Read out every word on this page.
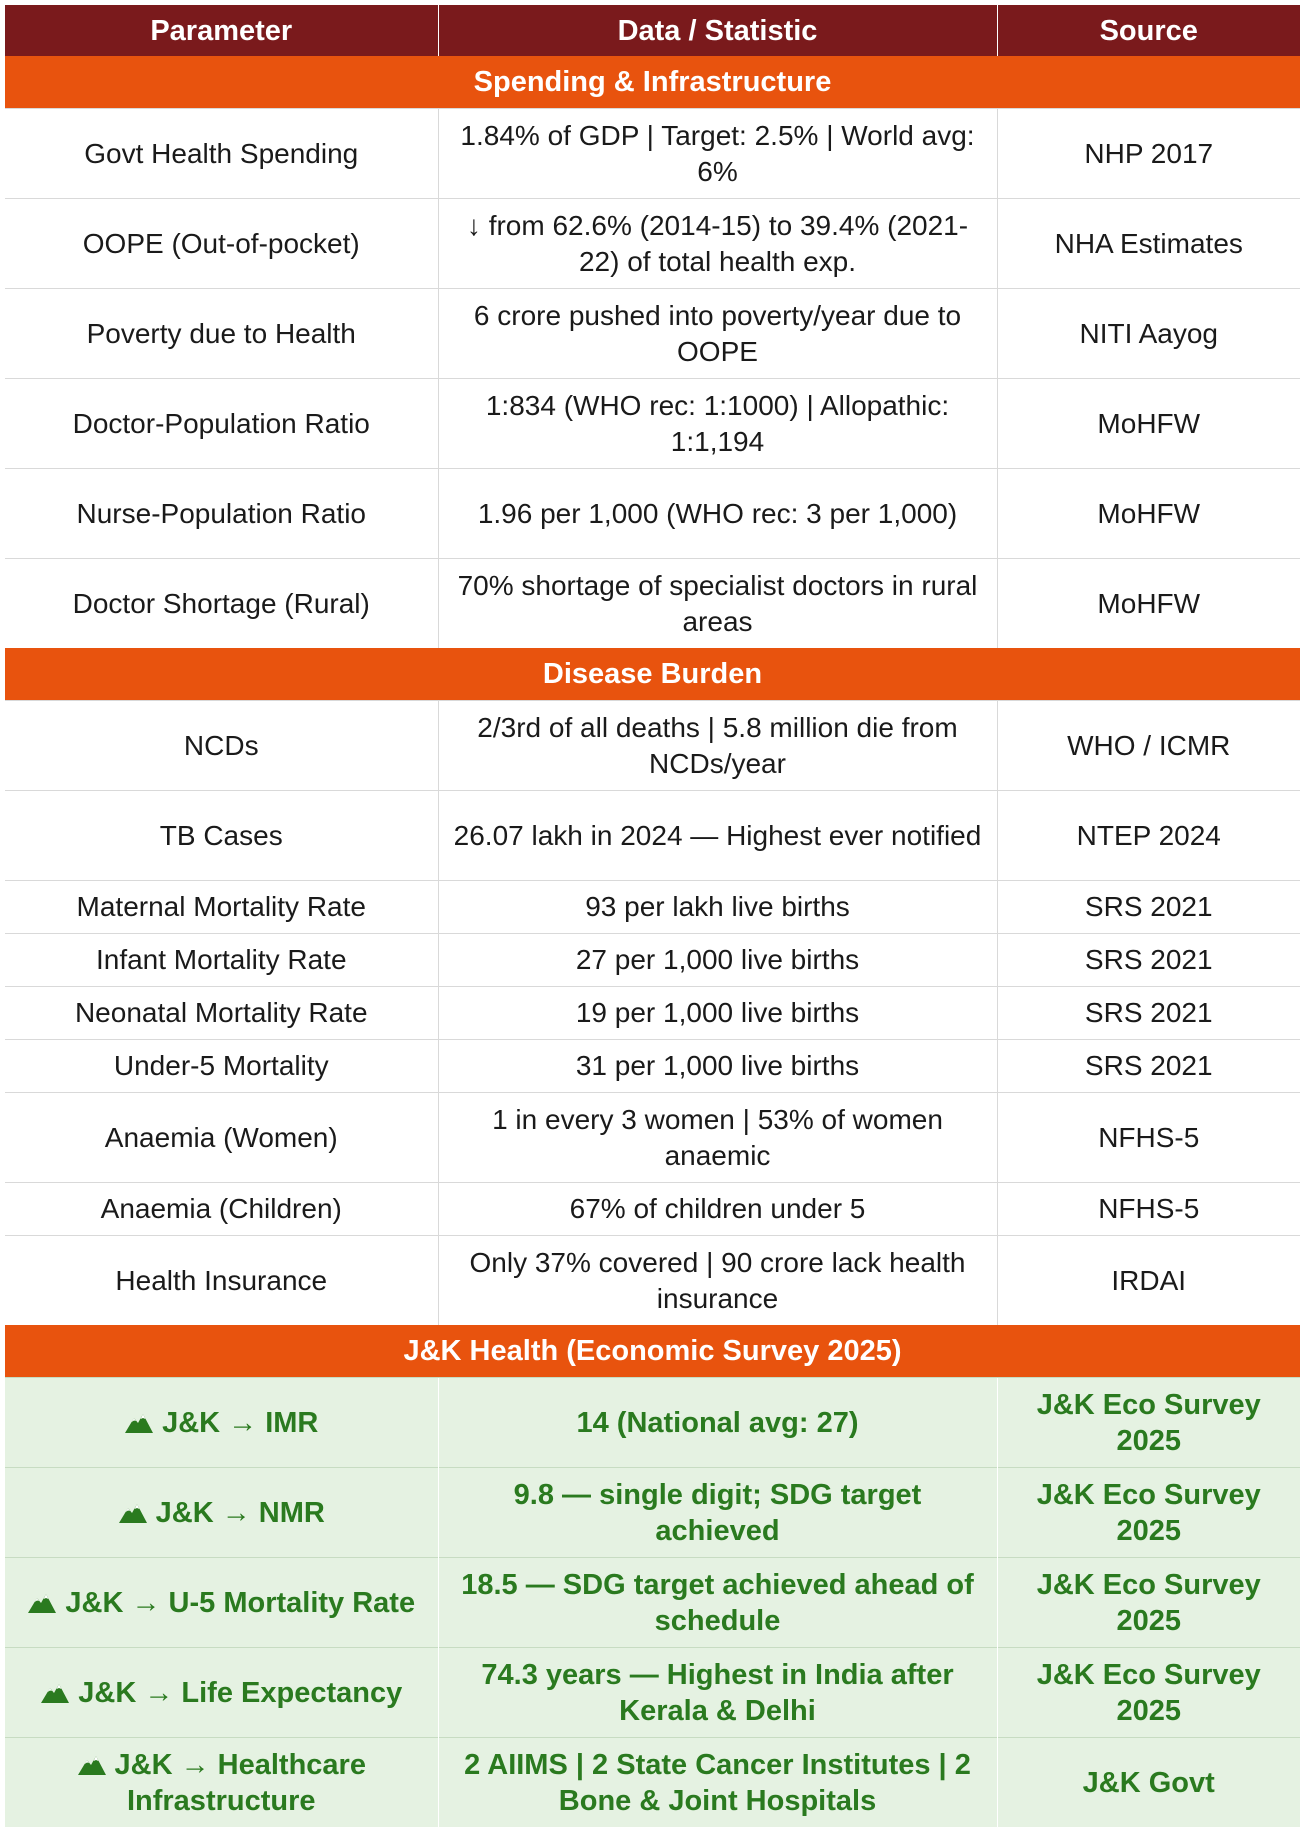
Parameter	Data / Statistic	Source
Spending & Infrastructure		
Govt Health Spending	1.84% of GDP | Target: 2.5% | World avg: 6%	NHP 2017
OOPE (Out-of-pocket)	↓ from 62.6% (2014-15) to 39.4% (2021-22) of total health exp.	NHA Estimates
Poverty due to Health	6 crore pushed into poverty/year due to OOPE	NITI Aayog
Doctor-Population Ratio	1:834 (WHO rec: 1:1000) | Allopathic: 1:1,194	MoHFW
Nurse-Population Ratio	1.96 per 1,000 (WHO rec: 3 per 1,000)	MoHFW
Doctor Shortage (Rural)	70% shortage of specialist doctors in rural areas	MoHFW
Disease Burden		
NCDs	2/3rd of all deaths | 5.8 million die from NCDs/year	WHO / ICMR
TB Cases	26.07 lakh in 2024 — Highest ever notified	NTEP 2024
Maternal Mortality Rate	93 per lakh live births	SRS 2021
Infant Mortality Rate	27 per 1,000 live births	SRS 2021
Neonatal Mortality Rate	19 per 1,000 live births	SRS 2021
Under-5 Mortality	31 per 1,000 live births	SRS 2021
Anaemia (Women)	1 in every 3 women | 53% of women anaemic	NFHS-5
Anaemia (Children)	67% of children under 5	NFHS-5
Health Insurance	Only 37% covered | 90 crore lack health insurance	IRDAI
J&K Health (Economic Survey 2025)		

J&K → IMR	14 (National avg: 27)	J&K Eco Survey 2025

J&K → NMR	9.8 — single digit; SDG target achieved	J&K Eco Survey 2025

J&K → U-5 Mortality Rate	18.5 — SDG target achieved ahead of schedule	J&K Eco Survey 2025

J&K → Life Expectancy	74.3 years — Highest in India after Kerala & Delhi	J&K Eco Survey 2025

J&K → Healthcare Infrastructure	2 AIIMS | 2 State Cancer Institutes | 2 Bone & Joint Hospitals	J&K Govt
